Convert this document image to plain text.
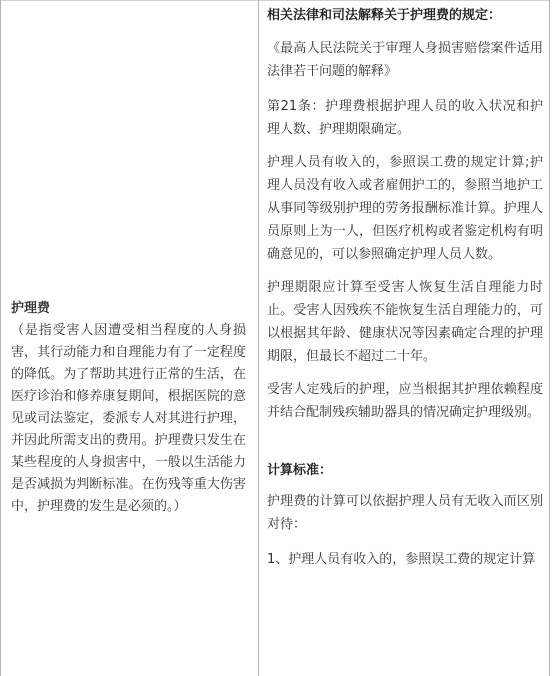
护理费
（是指受害人因遭受相当程度的人身损害，其行动能力和自理能力有了一定程度的降低。为了帮助其进行正常的生活，在医疗诊治和修养康复期间，根据医院的意见或司法鉴定，委派专人对其进行护理，并因此所需支出的费用。护理费只发生在某些程度的人身损害中，一般以生活能力是否减损为判断标准。在伤残等重大伤害中，护理费的发生是必须的。）

相关法律和司法解释关于护理费的规定：

《最高人民法院关于审理人身损害赔偿案件适用法律若干问题的解释》

第21条：护理费根据护理人员的收入状况和护理人数、护理期限确定。

护理人员有收入的，参照误工费的规定计算;护理人员没有收入或者雇佣护工的，参照当地护工从事同等级别护理的劳务报酬标准计算。护理人员原则上为一人，但医疗机构或者鉴定机构有明确意见的，可以参照确定护理人员人数。

护理期限应计算至受害人恢复生活自理能力时止。受害人因残疾不能恢复生活自理能力的，可以根据其年龄、健康状况等因素确定合理的护理期限，但最长不超过二十年。

受害人定残后的护理，应当根据其护理依赖程度并结合配制残疾辅助器具的情况确定护理级别。

计算标准：

护理费的计算可以依据护理人员有无收入而区别对待：

1、护理人员有收入的，参照误工费的规定计算
